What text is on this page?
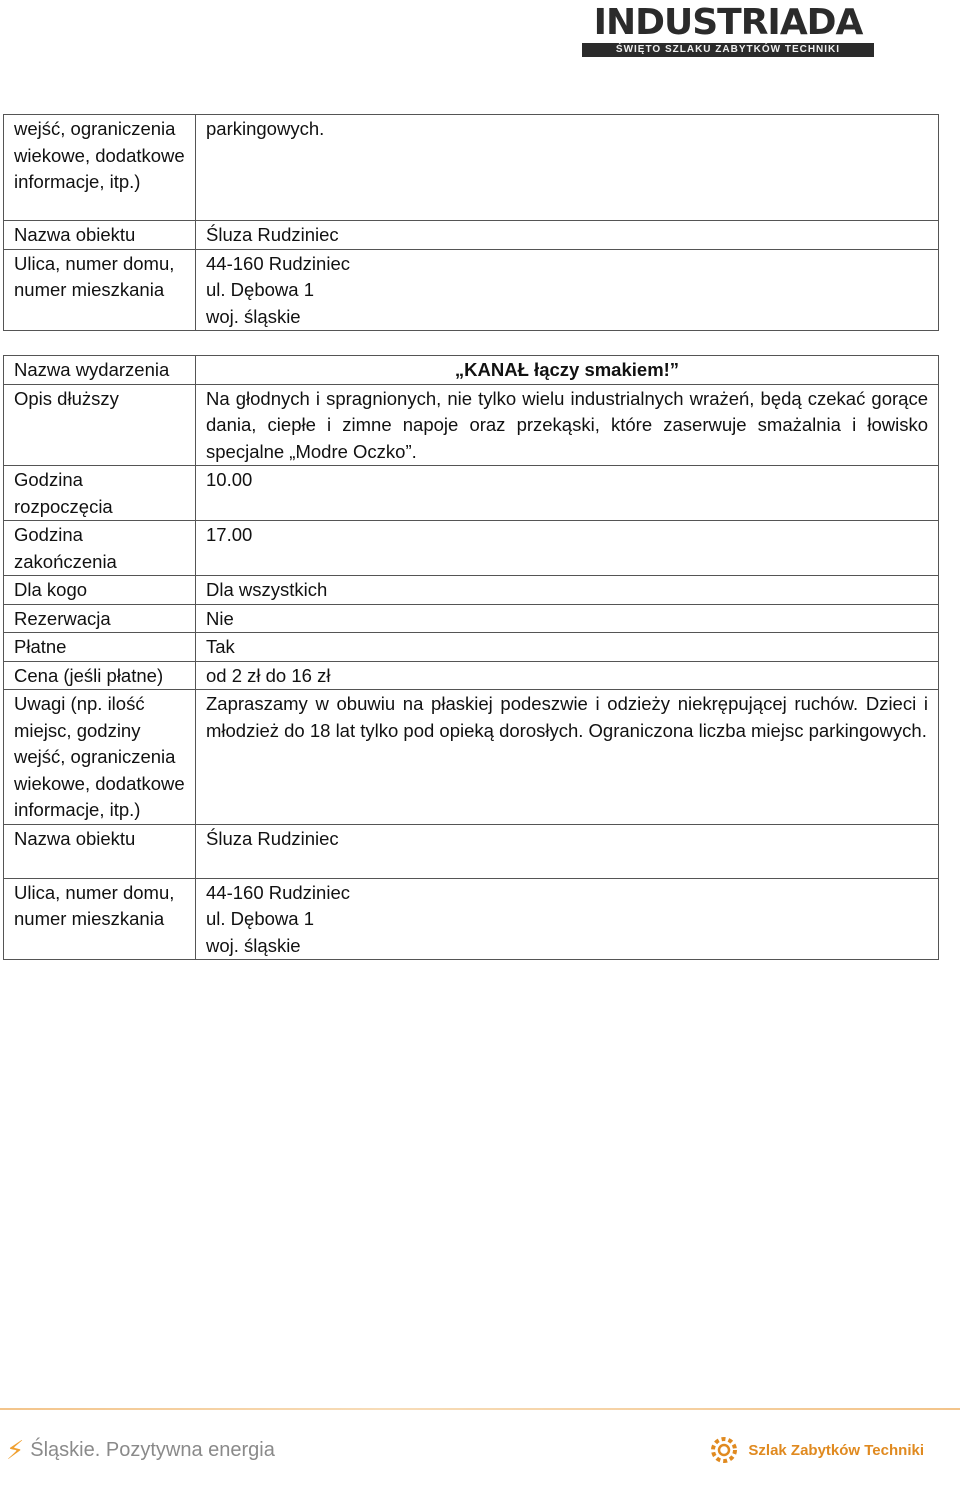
INDUSTRIADA
ŚWIĘTO SZLAKU ZABYTKÓW TECHNIKI
wejść, ograniczenia wiekowe, dodatkowe informacje, itp.)	parkingowych.
Nazwa obiektu	Śluza Rudziniec
Ulica, numer domu, numer mieszkania	44-160 Rudziniec
ul. Dębowa 1
woj. śląskie
Nazwa wydarzenia	„KANAŁ łączy smakiem!”
Opis dłuższy	Na głodnych i spragnionych, nie tylko wielu industrialnych wrażeń, będą czekać gorące dania, ciepłe i zimne napoje oraz przekąski, które zaserwuje smażalnia i łowisko specjalne „Modre Oczko”.
Godzina rozpoczęcia	10.00
Godzina zakończenia	17.00
Dla kogo	Dla wszystkich
Rezerwacja	Nie
Płatne	Tak
Cena (jeśli płatne)	od 2 zł do 16 zł
Uwagi (np. ilość miejsc, godziny wejść, ograniczenia wiekowe, dodatkowe informacje, itp.)	Zapraszamy w obuwiu na płaskiej podeszwie i odzieży niekrępującej ruchów. Dzieci i młodzież do 18 lat tylko pod opieką dorosłych. Ograniczona liczba miejsc parkingowych.
Nazwa obiektu	Śluza Rudziniec
Ulica, numer domu, numer mieszkania	44-160 Rudziniec
ul. Dębowa 1
woj. śląskie
⚡ Śląskie. Pozytywna energia	Szlak Zabytków Techniki
